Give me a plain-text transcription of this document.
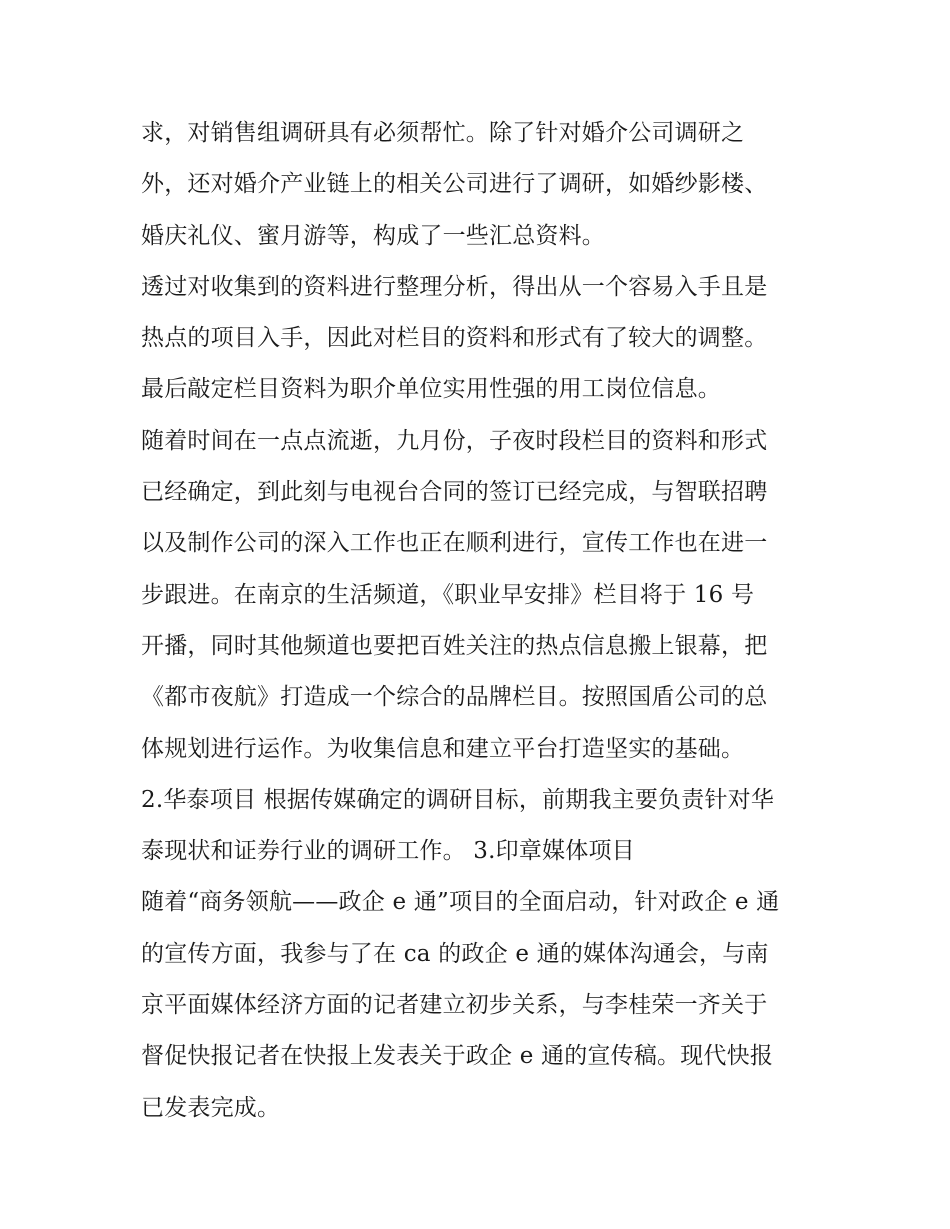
求，对销售组调研具有必须帮忙。除了针对婚介公司调研之
外，还对婚介产业链上的相关公司进行了调研，如婚纱影楼、
婚庆礼仪、蜜月游等，构成了一些汇总资料。
透过对收集到的资料进行整理分析，得出从一个容易入手且是
热点的项目入手，因此对栏目的资料和形式有了较大的调整。
最后敲定栏目资料为职介单位实用性强的用工岗位信息。
随着时间在一点点流逝，九月份，子夜时段栏目的资料和形式
已经确定，到此刻与电视台合同的签订已经完成，与智联招聘
以及制作公司的深入工作也正在顺利进行，宣传工作也在进一
步跟进。在南京的生活频道，《职业早安排》栏目将于 16 号
开播，同时其他频道也要把百姓关注的热点信息搬上银幕，把
《都市夜航》打造成一个综合的品牌栏目。按照国盾公司的总
体规划进行运作。为收集信息和建立平台打造坚实的基础。
2.华泰项目 根据传媒确定的调研目标，前期我主要负责针对华
泰现状和证券行业的调研工作。 3.印章媒体项目
随着“商务领航——政企 e 通”项目的全面启动，针对政企 e 通
的宣传方面，我参与了在 ca 的政企 e 通的媒体沟通会，与南
京平面媒体经济方面的记者建立初步关系，与李桂荣一齐关于
督促快报记者在快报上发表关于政企 e 通的宣传稿。现代快报
已发表完成。
